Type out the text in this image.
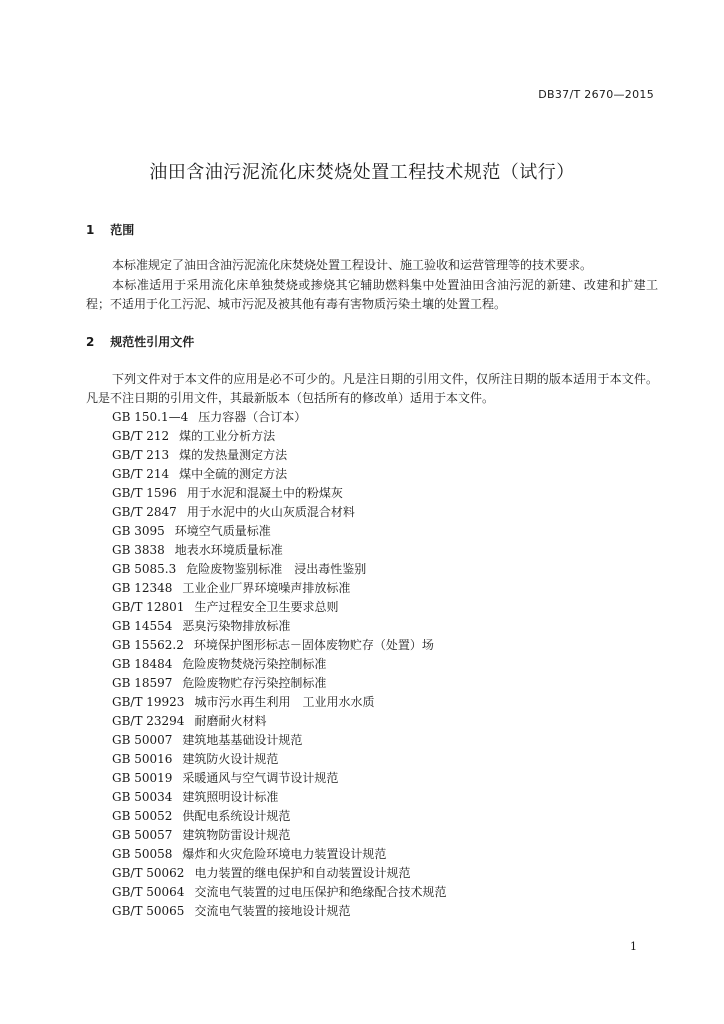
DB37/T 2670—2015
油田含油污泥流化床焚烧处置工程技术规范（试行）
1 范围
本标准规定了油田含油污泥流化床焚烧处置工程设计、施工验收和运营管理等的技术要求。
本标准适用于采用流化床单独焚烧或掺烧其它辅助燃料集中处置油田含油污泥的新建、改建和扩建工程；不适用于化工污泥、城市污泥及被其他有毒有害物质污染土壤的处置工程。
2 规范性引用文件
下列文件对于本文件的应用是必不可少的。凡是注日期的引用文件，仅所注日期的版本适用于本文件。凡是不注日期的引用文件，其最新版本（包括所有的修改单）适用于本文件。
GB 150.1—4 压力容器（合订本）
GB/T 212 煤的工业分析方法
GB/T 213 煤的发热量测定方法
GB/T 214 煤中全硫的测定方法
GB/T 1596 用于水泥和混凝土中的粉煤灰
GB/T 2847 用于水泥中的火山灰质混合材料
GB 3095 环境空气质量标准
GB 3838 地表水环境质量标准
GB 5085.3 危险废物鉴别标准　浸出毒性鉴别
GB 12348 工业企业厂界环境噪声排放标准
GB/T 12801 生产过程安全卫生要求总则
GB 14554 恶臭污染物排放标准
GB 15562.2 环境保护图形标志－固体废物贮存（处置）场
GB 18484 危险废物焚烧污染控制标准
GB 18597 危险废物贮存污染控制标准
GB/T 19923 城市污水再生利用　工业用水水质
GB/T 23294 耐磨耐火材料
GB 50007 建筑地基基础设计规范
GB 50016 建筑防火设计规范
GB 50019 采暖通风与空气调节设计规范
GB 50034 建筑照明设计标准
GB 50052 供配电系统设计规范
GB 50057 建筑物防雷设计规范
GB 50058 爆炸和火灾危险环境电力装置设计规范
GB/T 50062 电力装置的继电保护和自动装置设计规范
GB/T 50064 交流电气装置的过电压保护和绝缘配合技术规范
GB/T 50065 交流电气装置的接地设计规范
1
